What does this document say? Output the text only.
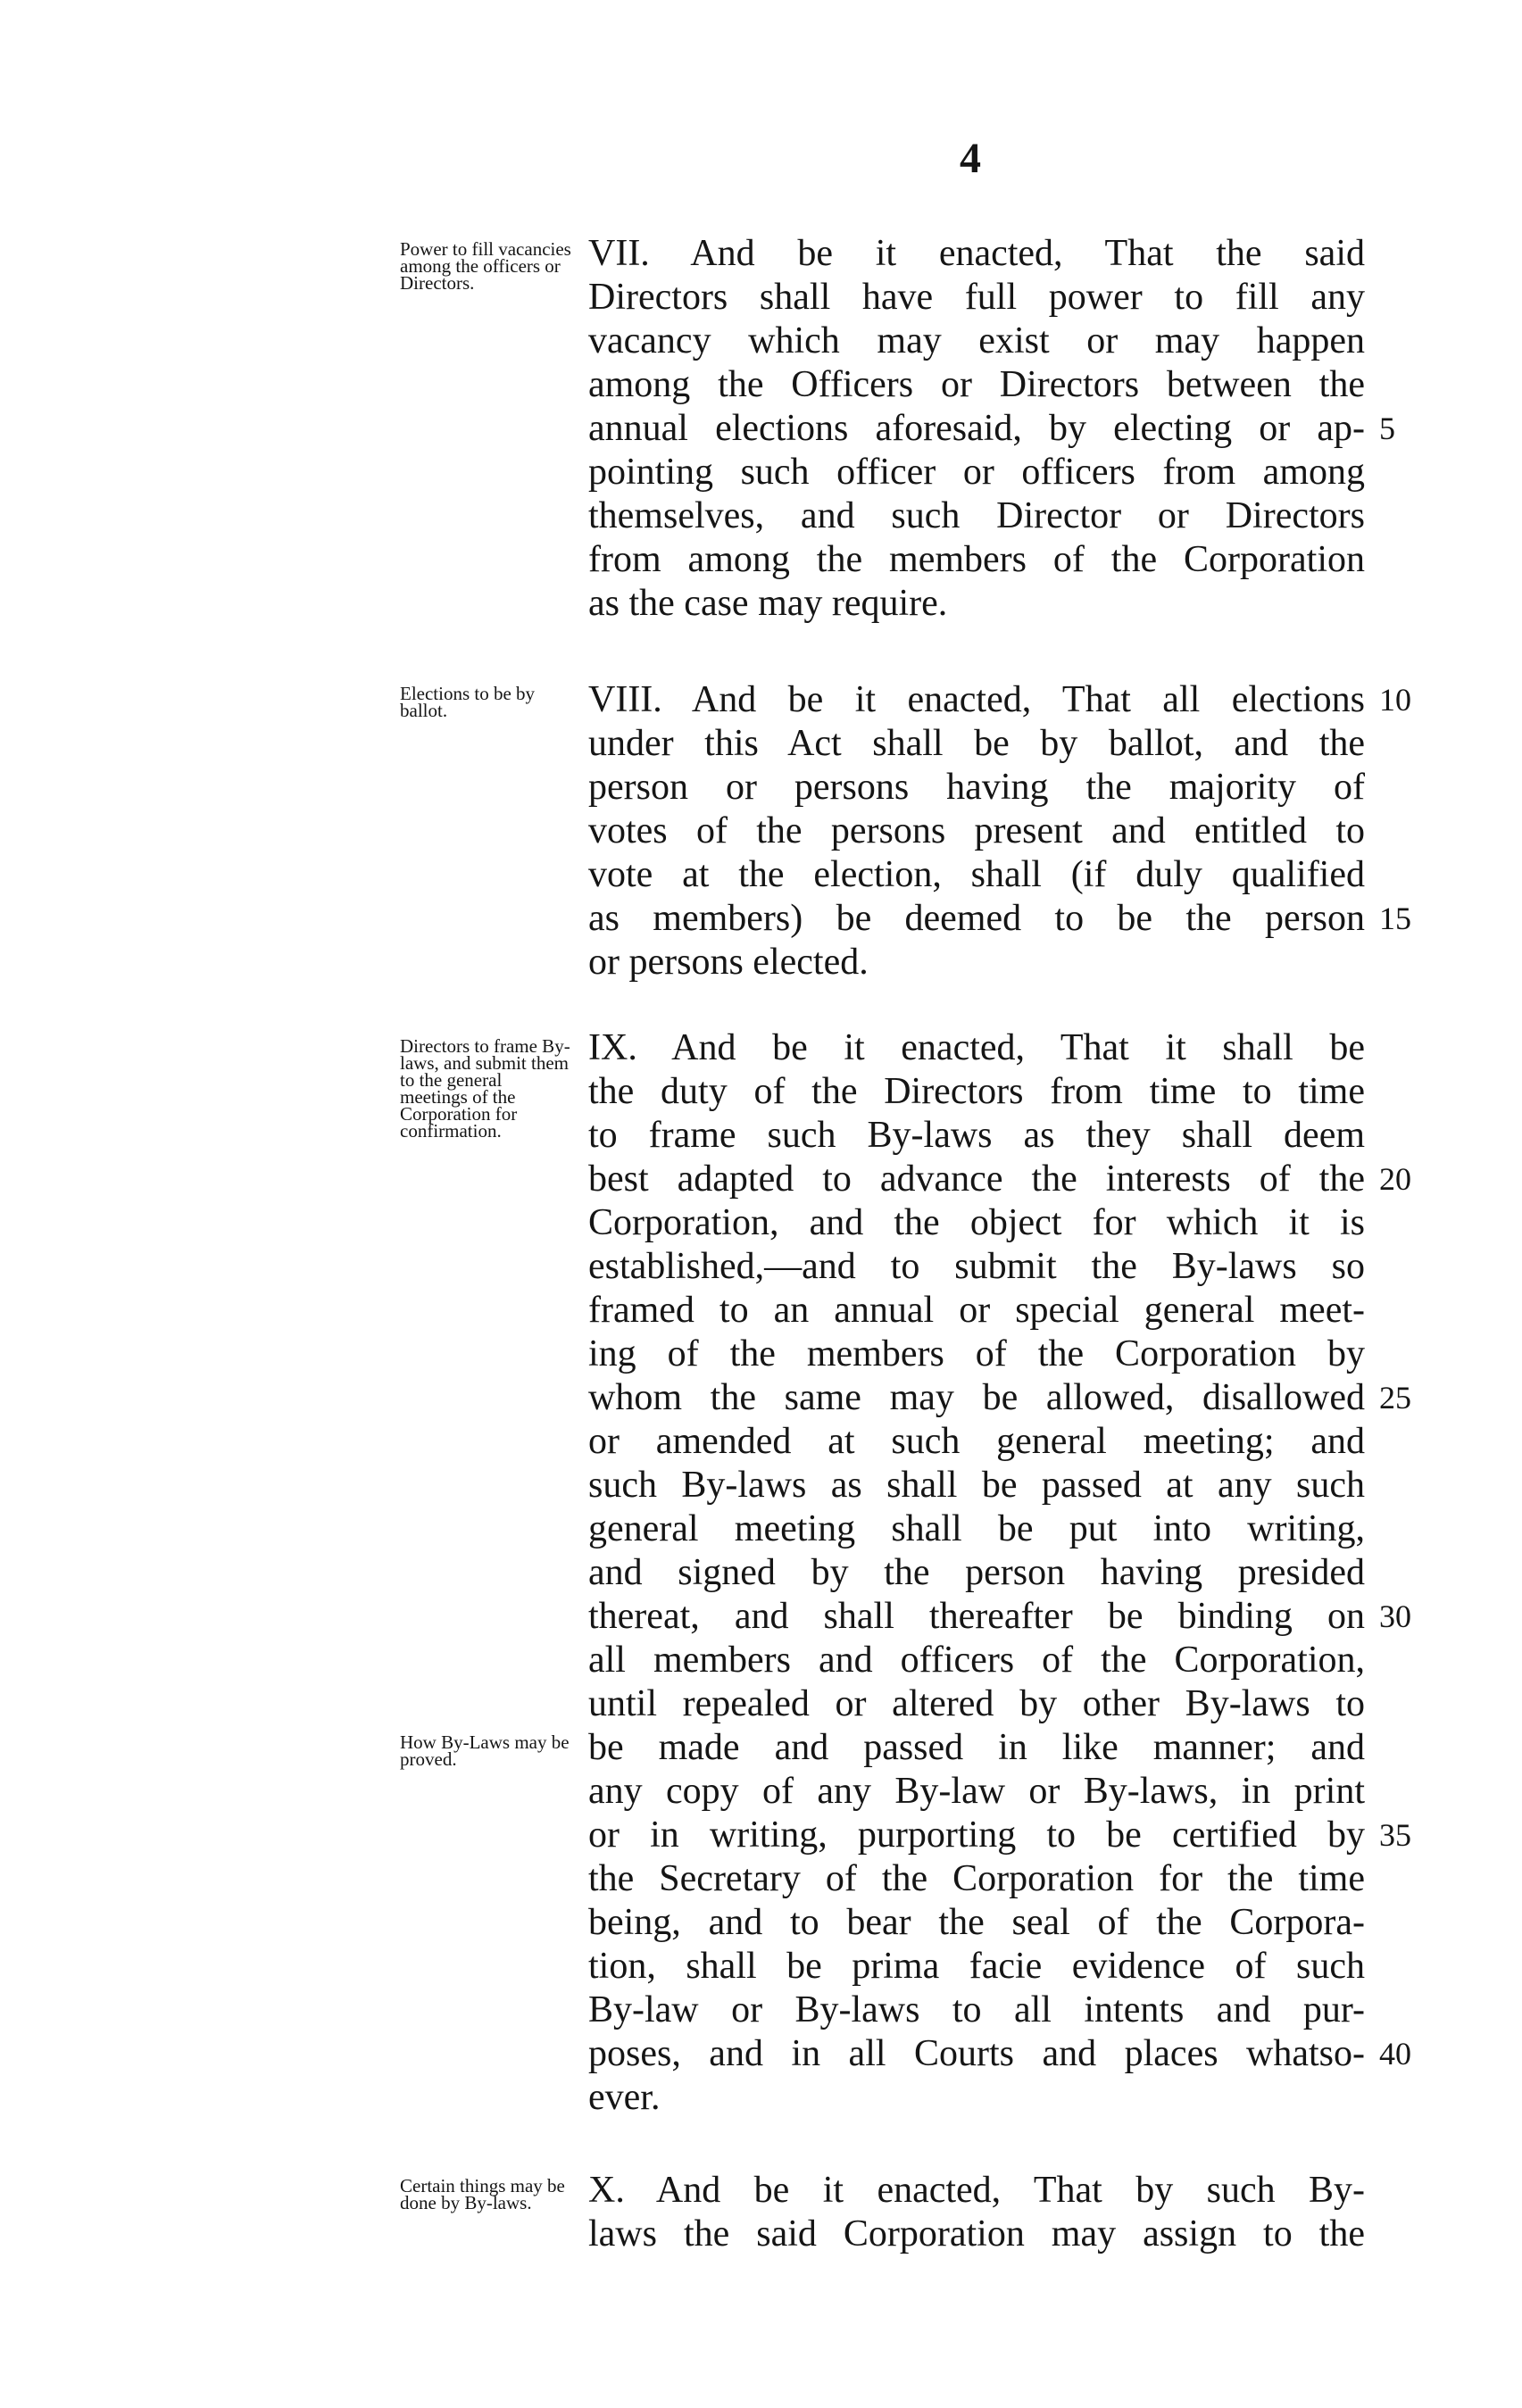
4
Power to fill vacancies among the officers or Directors.
VII. And be it enacted, That the said
Directors shall have full power to fill any
vacancy which may exist or may happen
among the Officers or Directors between the
annual elections aforesaid, by electing or ap- 5
pointing such officer or officers from among
themselves, and such Director or Directors
from among the members of the Corporation
as the case may require.
Elections to be by ballot.	VIII. And be it enacted, That all elections 10
under this Act shall be by ballot, and the
person or persons having the majority of
votes of the persons present and entitled to
vote at the election, shall (if duly qualified
as members) be deemed to be the person 15
or persons elected.
Directors to frame By-laws, and submit them to the general meetings of the Corporation for confirmation.
IX. And be it enacted, That it shall be
the duty of the Directors from time to time
to frame such By-laws as they shall deem
best adapted to advance the interests of the 20
Corporation, and the object for which it is
established,—and to submit the By-laws so
framed to an annual or special general meet-
ing of the members of the Corporation by
whom the same may be allowed, disallowed 25
or amended at such general meeting; and
such By-laws as shall be passed at any such
general meeting shall be put into writing,
and signed by the person having presided
thereat, and shall thereafter be binding on 30
all members and officers of the Corporation,
until repealed or altered by other By-laws to
be made and passed in like manner; and
any copy of any By-law or By-laws, in print
or in writing, purporting to be certified by 35
the Secretary of the Corporation for the time
being, and to bear the seal of the Corpora-
tion, shall be prima facie evidence of such
By-law or By-laws to all intents and pur-
poses, and in all Courts and places whatso- 40
ever.
How By-Laws may be proved.
Certain things may be done by By-laws.	X. And be it enacted, That by such By-
laws the said Corporation may assign to the
